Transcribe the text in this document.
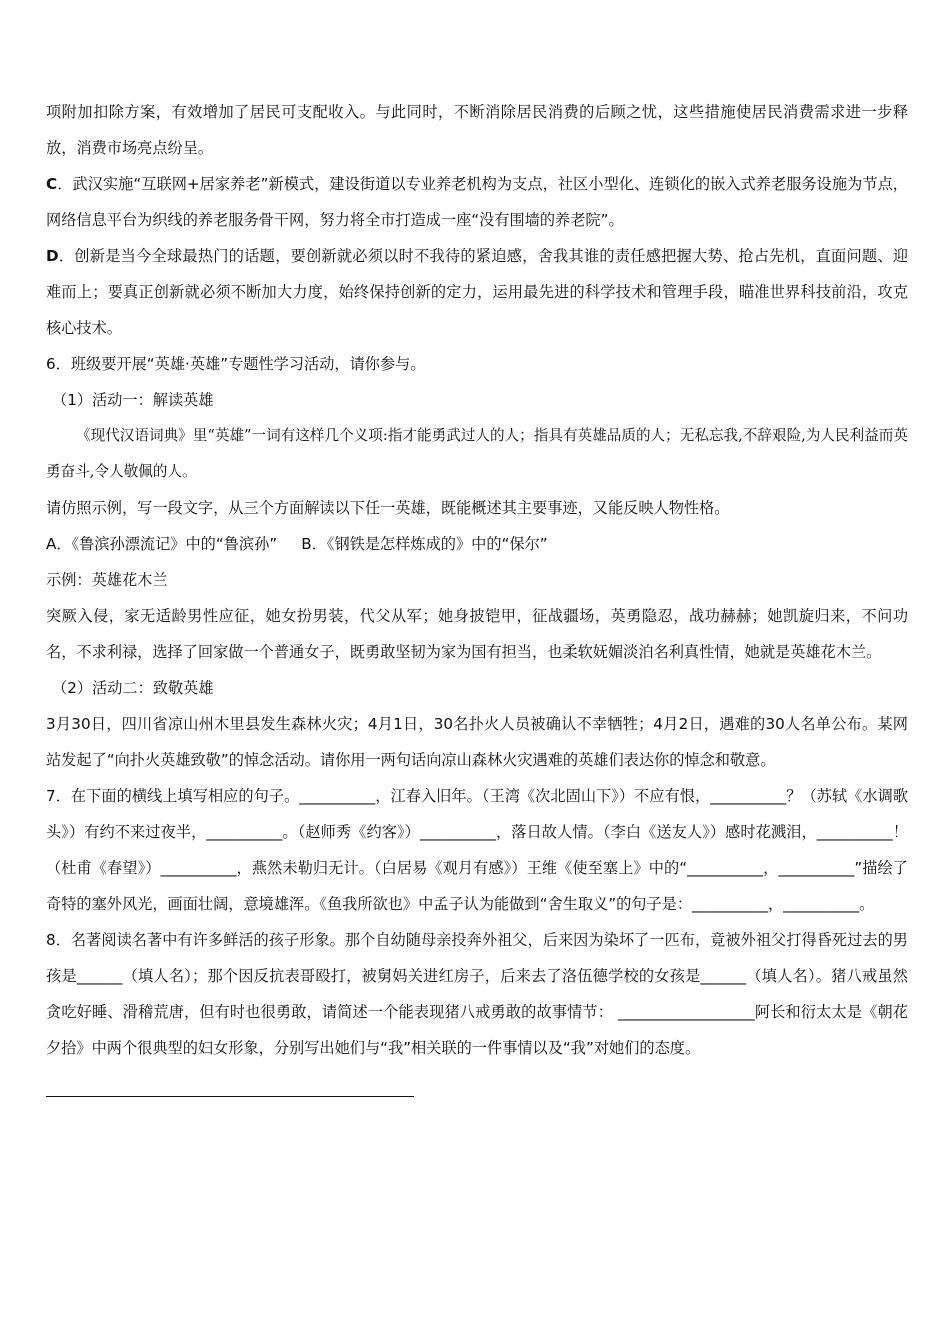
项附加扣除方案，有效增加了居民可支配收入。与此同时，不断消除居民消费的后顾之忧，这些措施使居民消费需求进一步释放，消费市场亮点纷呈。

C．武汉实施“互联网+居家养老”新模式，建设街道以专业养老机构为支点，社区小型化、连锁化的嵌入式养老服务设施为节点，网络信息平台为织线的养老服务骨干网，努力将全市打造成一座“没有围墙的养老院”。

D．创新是当今全球最热门的话题，要创新就必须以时不我待的紧迫感，舍我其谁的责任感把握大势、抢占先机，直面问题、迎难而上；要真正创新就必须不断加大力度，始终保持创新的定力，运用最先进的科学技术和管理手段，瞄准世界科技前沿，攻克核心技术。

6．班级要开展“英雄·英雄”专题性学习活动，请你参与。

（1）活动一：解读英雄

《现代汉语词典》里“英雄”一词有这样几个义项:指才能勇武过人的人；指具有英雄品质的人；无私忘我,不辞艰险,为人民利益而英勇奋斗,令人敬佩的人。

请仿照示例，写一段文字，从三个方面解读以下任一英雄，既能概述其主要事迹，又能反映人物性格。

A．《鲁滨孙漂流记》中的“鲁滨孙”     B．《钢铁是怎样炼成的》中的“保尔”

示例：英雄花木兰

突厥入侵，家无适龄男性应征，她女扮男装，代父从军；她身披铠甲，征战疆场，英勇隐忍，战功赫赫；她凯旋归来，不问功名，不求利禄，选择了回家做一个普通女子，既勇敢坚韧为家为国有担当，也柔软妩媚淡泊名利真性情，她就是英雄花木兰。

（2）活动二：致敬英雄

3月30日，四川省凉山州木里县发生森林火灾；4月1日，30名扑火人员被确认不幸牺牲；4月2日，遇难的30人名单公布。某网站发起了“向扑火英雄致敬”的悼念活动。请你用一两句话向凉山森林火灾遇难的英雄们表达你的悼念和敬意。

7．在下面的横线上填写相应的句子。__________，江春入旧年。（王湾《次北固山下》）不应有恨，__________？（苏轼《水调歌头》）有约不来过夜半，__________。（赵师秀《约客》）__________，落日故人情。（李白《送友人》）感时花溅泪，__________！（杜甫《春望》）__________，燕然未勒归无计。（白居易《观月有感》）王维《使至塞上》中的“__________，__________”描绘了奇特的塞外风光，画面壮阔，意境雄浑。《鱼我所欲也》中孟子认为能做到“舍生取义”的句子是：__________，__________。

8．名著阅读名著中有许多鲜活的孩子形象。那个自幼随母亲投奔外祖父，后来因为染坏了一匹布，竟被外祖父打得昏死过去的男孩是______（填人名）；那个因反抗表哥殴打，被舅妈关进红房子，后来去了洛伍德学校的女孩是______（填人名）。猪八戒虽然贪吃好睡、滑稽荒唐，但有时也很勇敢，请简述一个能表现猪八戒勇敢的故事情节： __________________阿长和衍太太是《朝花夕拾》中两个很典型的妇女形象，分别写出她们与“我”相关联的一件事情以及“我”对她们的态度。
